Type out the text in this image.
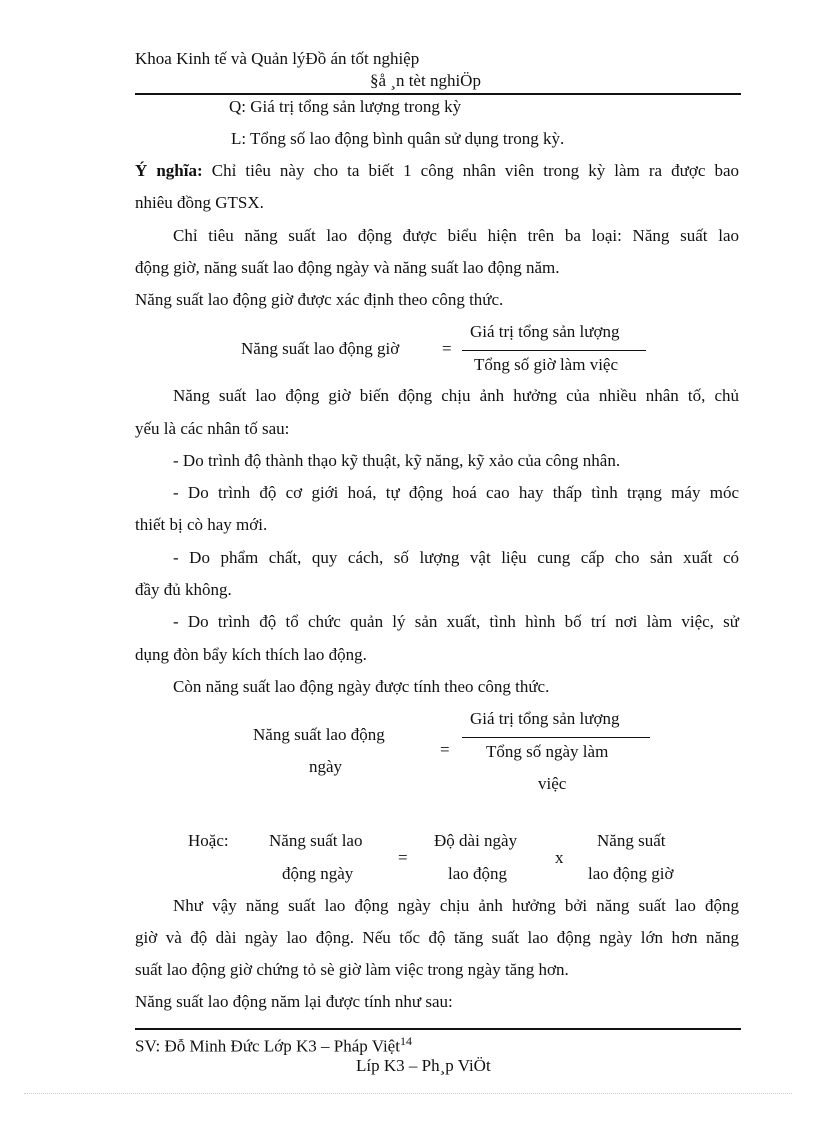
Khoa Kinh tế và Quản lýĐồ án tốt nghiệp
§å ¸n tèt nghiÖp
Q: Giá trị tổng sản lượng trong kỳ
L: Tổng số lao động bình quân sử dụng trong kỳ.
Ý nghĩa: Chỉ tiêu này cho ta biết 1 công nhân viên trong kỳ làm ra được bao
nhiêu đồng GTSX.
Chỉ tiêu năng suất lao động được biểu hiện trên ba loại: Năng suất lao
động giờ, năng suất lao động ngày và năng suất lao động năm.
Năng suất lao động giờ được xác định theo công thức.
Năng suất lao động giờ	=
Giá trị tổng sản lượng
Tổng số giờ làm việc
Năng suất lao động giờ biến động chịu ảnh hưởng của nhiều nhân tố, chủ
yếu là các nhân tố sau:
- Do trình độ thành thạo kỹ thuật, kỹ năng, kỹ xảo của công nhân.
- Do trình độ cơ giới hoá, tự động hoá cao hay thấp tình trạng máy móc
thiết bị cò hay mới.
- Do phẩm chất, quy cách, số lượng vật liệu cung cấp cho sản xuất có
đầy đủ không.
- Do trình độ tổ chức quản lý sản xuất, tình hình bố trí nơi làm việc, sử
dụng đòn bẩy kích thích lao động.
Còn năng suất lao động ngày được tính theo công thức.
Năng suất lao động
ngày
=
Giá trị tổng sản lượng
Tổng số ngày làm
việc
Hoặc: Năng suất lao
động ngày
=
Độ dài ngày
lao động
x
Năng suất
lao động giờ
Như vậy năng suất lao động ngày chịu ảnh hưởng bởi năng suất lao động
giờ và độ dài ngày lao động. Nếu tốc độ tăng suất lao động ngày lớn hơn năng
suất lao động giờ chứng tỏ sè giờ làm việc trong ngày tăng hơn.
Năng suất lao động năm lại được tính như sau:
SV: Đỗ Minh Đức Lớp K3 – Pháp Việt$^{14}$
Líp K3 – Ph¸p ViÖt
